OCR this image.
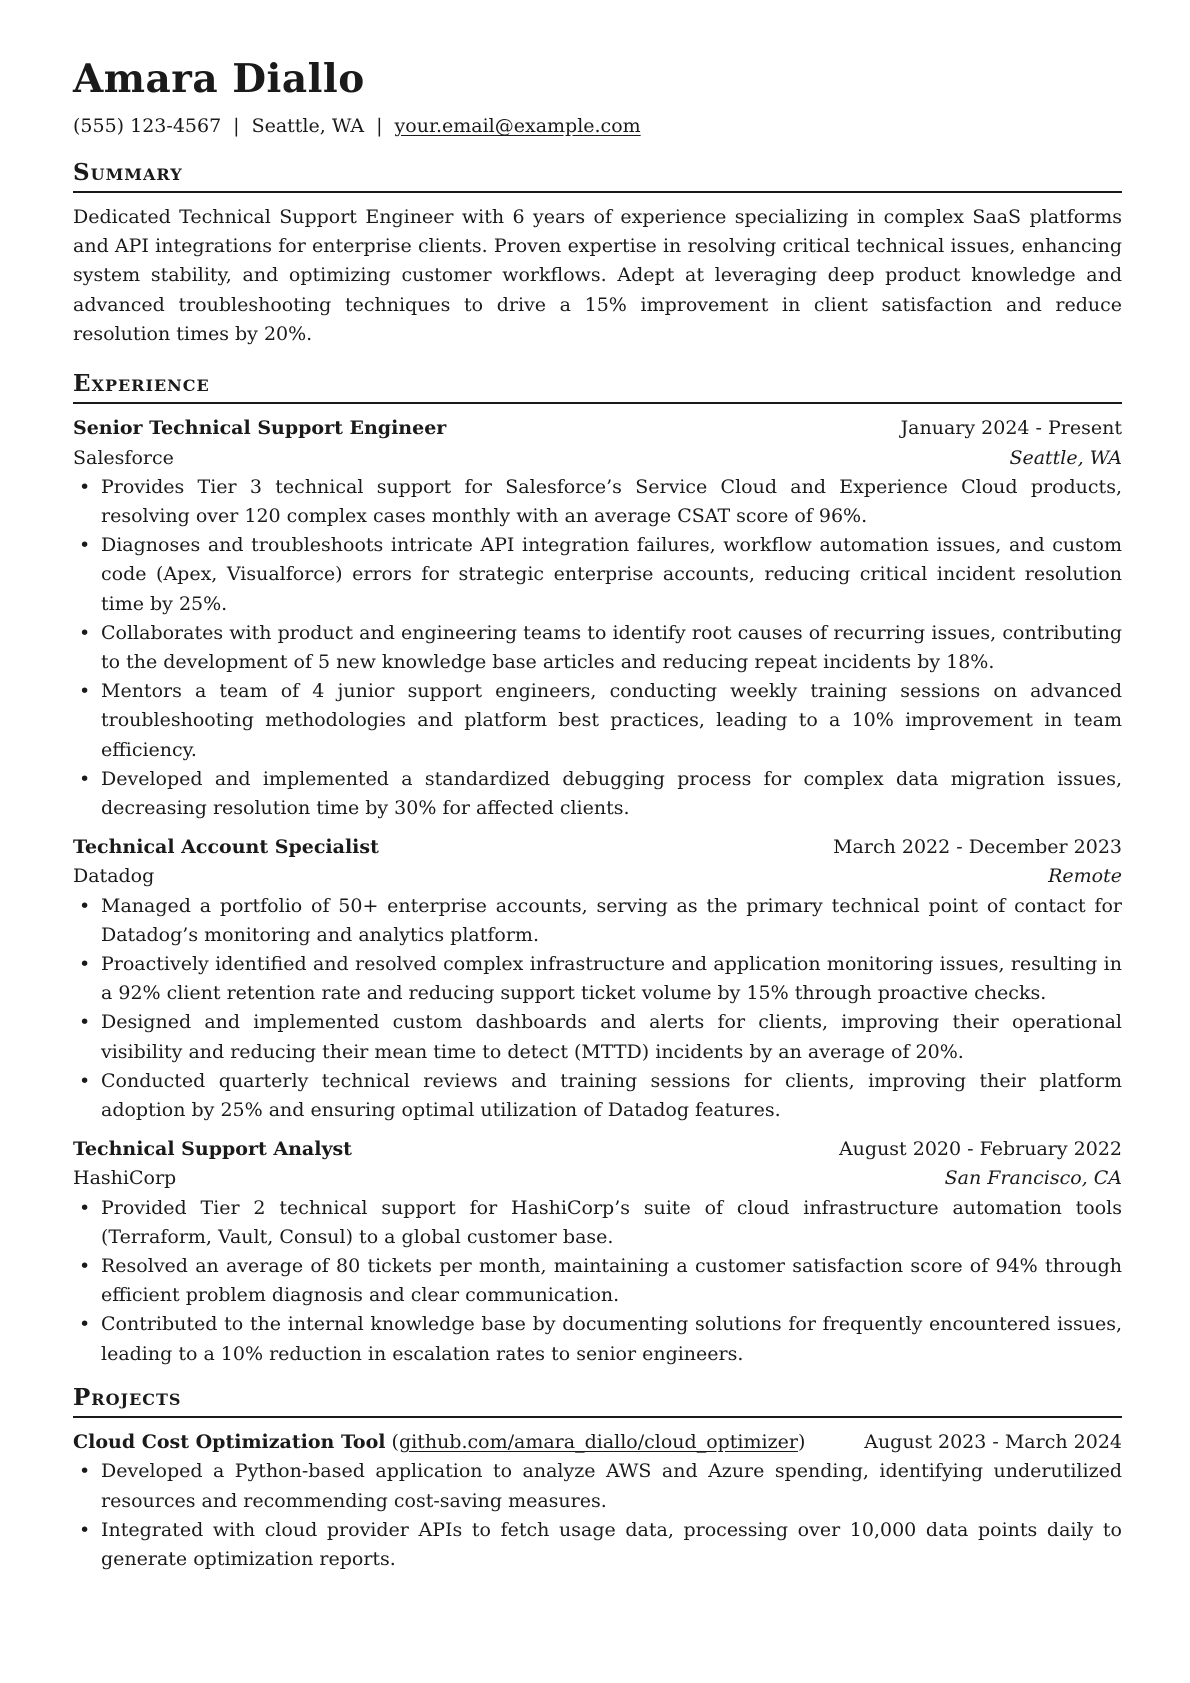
Amara Diallo
(555) 123-4567 | Seattle, WA | your.email@example.com
Summary

Dedicated Technical Support Engineer with 6 years of experience specializing in complex SaaS platforms and API integrations for enterprise clients. Proven expertise in resolving critical technical issues, enhancing system stability, and optimizing customer workflows. Adept at leveraging deep product knowledge and advanced troubleshooting techniques to drive a 15% improvement in client satisfaction and reduce resolution times by 20%.

Experience
Senior Technical Support Engineer	January 2024 - Present
Salesforce	Seattle, WA
• Provides Tier 3 technical support for Salesforce’s Service Cloud and Experience Cloud products, resolving over 120 complex cases monthly with an average CSAT score of 96%.
• Diagnoses and troubleshoots intricate API integration failures, workflow automation issues, and custom code (Apex, Visualforce) errors for strategic enterprise accounts, reducing critical incident resolution time by 25%.
• Collaborates with product and engineering teams to identify root causes of recurring issues, contributing to the development of 5 new knowledge base articles and reducing repeat incidents by 18%.
• Mentors a team of 4 junior support engineers, conducting weekly training sessions on advanced troubleshooting methodologies and platform best practices, leading to a 10% improvement in team efficiency.
• Developed and implemented a standardized debugging process for complex data migration issues, decreasing resolution time by 30% for affected clients.
Technical Account Specialist	March 2022 - December 2023
Datadog	Remote
• Managed a portfolio of 50+ enterprise accounts, serving as the primary technical point of contact for Datadog’s monitoring and analytics platform.
• Proactively identified and resolved complex infrastructure and application monitoring issues, resulting in a 92% client retention rate and reducing support ticket volume by 15% through proactive checks.
• Designed and implemented custom dashboards and alerts for clients, improving their operational visibility and reducing their mean time to detect (MTTD) incidents by an average of 20%.
• Conducted quarterly technical reviews and training sessions for clients, improving their platform adoption by 25% and ensuring optimal utilization of Datadog features.
Technical Support Analyst	August 2020 - February 2022
HashiCorp	San Francisco, CA
• Provided Tier 2 technical support for HashiCorp’s suite of cloud infrastructure automation tools (Terraform, Vault, Consul) to a global customer base.
• Resolved an average of 80 tickets per month, maintaining a customer satisfaction score of 94% through efficient problem diagnosis and clear communication.
• Contributed to the internal knowledge base by documenting solutions for frequently encountered issues, leading to a 10% reduction in escalation rates to senior engineers.
Projects
Cloud Cost Optimization Tool (github.com/amara_diallo/cloud_optimizer)	August 2023 - March 2024
• Developed a Python-based application to analyze AWS and Azure spending, identifying underutilized resources and recommending cost-saving measures.
• Integrated with cloud provider APIs to fetch usage data, processing over 10,000 data points daily to generate optimization reports.
